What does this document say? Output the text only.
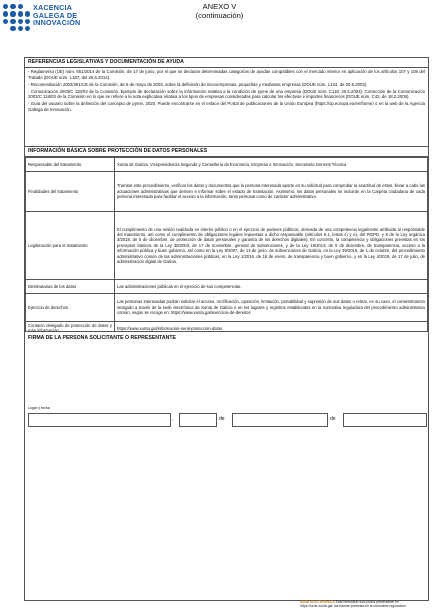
XACENCIA
GALEGA DE
INNOVACIÓN
ANEXO V
(continuación)
REFERENCIAS LEGISLATIVAS Y DOCUMENTACIÓN DE AYUDA
- Reglamento (UE) núm. 651/2014 de la Comisión, de 17 de junio, por el que se declaran determinadas categorías de ayudas compatibles con el mercado interior en aplicación de los artículos 107 y 108 del Tratado (DOUE núm. L187, del 26.6.2014).
- Recomendación 2003/361/CE de la Comisión, de 6 de mayo de 2003, sobre la definición de microempresas, pequeñas y medianas empresas (DOUE núm. L124, de 20.5.2003).
- Comunicación 2003/C 118/03 de la Comisión. Ejemplo de declaración sobre la información relativa a la condición de pyme de una empresa (DOUE núm. C118, 20.5.2003). Corrección de la Comunicación 2003/C 118/03 de la Comisión en lo que se refiere a la nota explicativa relativa a los tipos de empresas consideradas para calcular los efectivos e importes financieros (DOUE núm. C42, de 18.2.2005).
- Guía del usuario sobre la definición del concepto de pyme, 2020. Puede encontrarse en el enlace del Portal de publicaciones de la Unión Europea (https://op.europa.eu/en/home) o en la web de la Agencia Gallega de Innovación.
INFORMACIÓN BÁSICA SOBRE PROTECCIÓN DE DATOS PERSONALES
Responsable del tratamiento	Xunta de Galicia. Vicepresidencia Segunda y Consellería de Economía, Empresa e Innovación. Secretaría General Técnica
Finalidades del tratamiento	Tramitar este procedimiento, verificar los datos y documentos que la persona interesada aporte en su solicitud para comprobar la exactitud de estos, llevar a cabo las actuaciones administrativas que deriven e informar sobre el estado de tramitación. Asimismo, los datos personales se incluirán en la Carpeta ciudadana de cada persona interesada para facilitar el acceso a la información, tanto personal como de carácter administrativo.
Legitimación para el tratamiento	El cumplimiento de una misión realizada en interés público o en el ejercicio de poderes públicos, derivada de una competencia legalmente atribuida al responsable del tratamiento, así como el cumplimiento de obligaciones legales impuestas a dicho responsable (artículos 6.1, letras c) y e), del RGPD, y 8 de la Ley orgánica 3/2018, de 5 de diciembre, de protección de datos personales y garantía de los derechos digitales). En concreto, la competencia y obligaciones previstas en los preceptos básicos de la Ley 38/2003, de 17 de noviembre, general de subvenciones, y de la Ley 19/2013, de 9 de diciembre, de transparencia, acceso a la información pública y buen gobierno, así como en la Ley 9/2007, de 13 de junio, de subvenciones de Galicia, en la Ley 39/2015, de 1 de octubre, del procedimiento administrativo común de las administraciones públicas, en la Ley 1/2016, de 18 de enero, de transparencia y buen gobierno, y en la Ley 4/2019, de 17 de julio, de administración digital de Galicia.
Destinatarias de los datos	Las administraciones públicas en el ejercicio de sus competencias.
Ejercicio de derechos	Las personas interesadas podrán solicitar el acceso, rectificación, oposición, limitación, portabilidad y supresión de sus datos o retirar, en su caso, el consentimiento otorgado a través de la sede electrónica da Xunta de Galicia o en los lugares y registros establecidos en la normativa reguladora del procedimiento administrativo común, según se recoge en: https://www.xunta.gal/exercicio-de-dereitos
Contacto delegado de protección de datos y	https://www.xunta.gal/informacion-xeral-proteccion-datos
FIRMA DE LA PERSONA SOLICITANTE O REPRESENTANTE
Lugar y fecha
,	de	de
SEDE ELECTRÓNICA Este formulario solo podrá presentarse en
https://sede.xunta.gal: las formas previstas en la normativa reguladora
